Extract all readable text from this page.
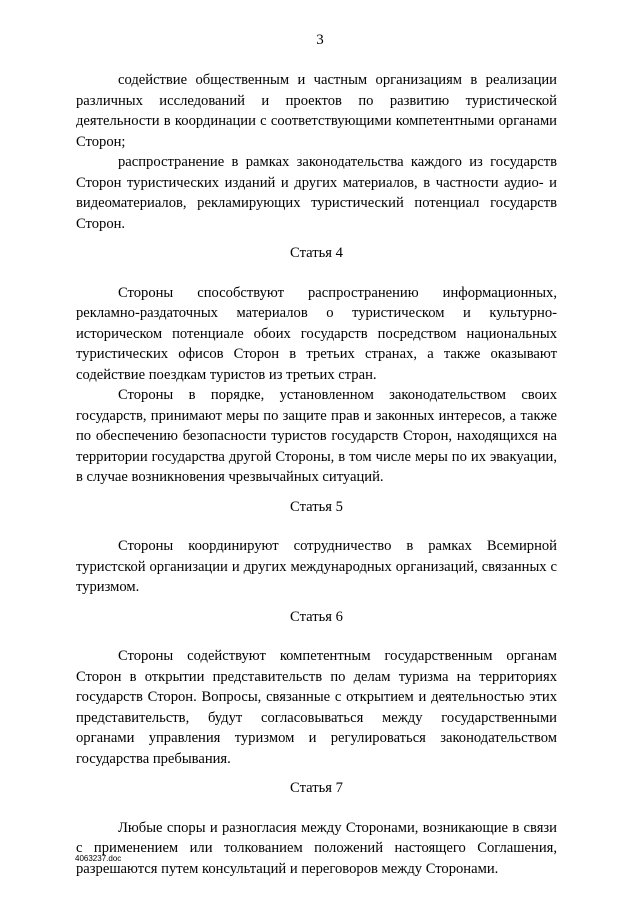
3

содействие общественным и частным организациям в реализации различных исследований и проектов по развитию туристической деятельности в координации с соответствующими компетентными органами Сторон;

распространение в рамках законодательства каждого из государств Сторон туристических изданий и других материалов, в частности аудио- и видеоматериалов, рекламирующих туристический потенциал государств Сторон.

Статья 4

Стороны способствуют распространению информационных, рекламно-раздаточных материалов о туристическом и культурно-историческом потенциале обоих государств посредством национальных туристических офисов Сторон в третьих странах, а также оказывают содействие поездкам туристов из третьих стран.

Стороны в порядке, установленном законодательством своих государств, принимают меры по защите прав и законных интересов, а также по обеспечению безопасности туристов государств Сторон, находящихся на территории государства другой Стороны, в том числе меры по их эвакуации, в случае возникновения чрезвычайных ситуаций.

Статья 5

Стороны координируют сотрудничество в рамках Всемирной туристской организации и других международных организаций, связанных с туризмом.

Статья 6

Стороны содействуют компетентным государственным органам Сторон в открытии представительств по делам туризма на территориях государств Сторон. Вопросы, связанные с открытием и деятельностью этих представительств, будут согласовываться между государственными органами управления туризмом и регулироваться законодательством государства пребывания.

Статья 7

Любые споры и разногласия между Сторонами, возникающие в связи с применением или толкованием положений настоящего Соглашения, разрешаются путем консультаций и переговоров между Сторонами.

4063237.doc
